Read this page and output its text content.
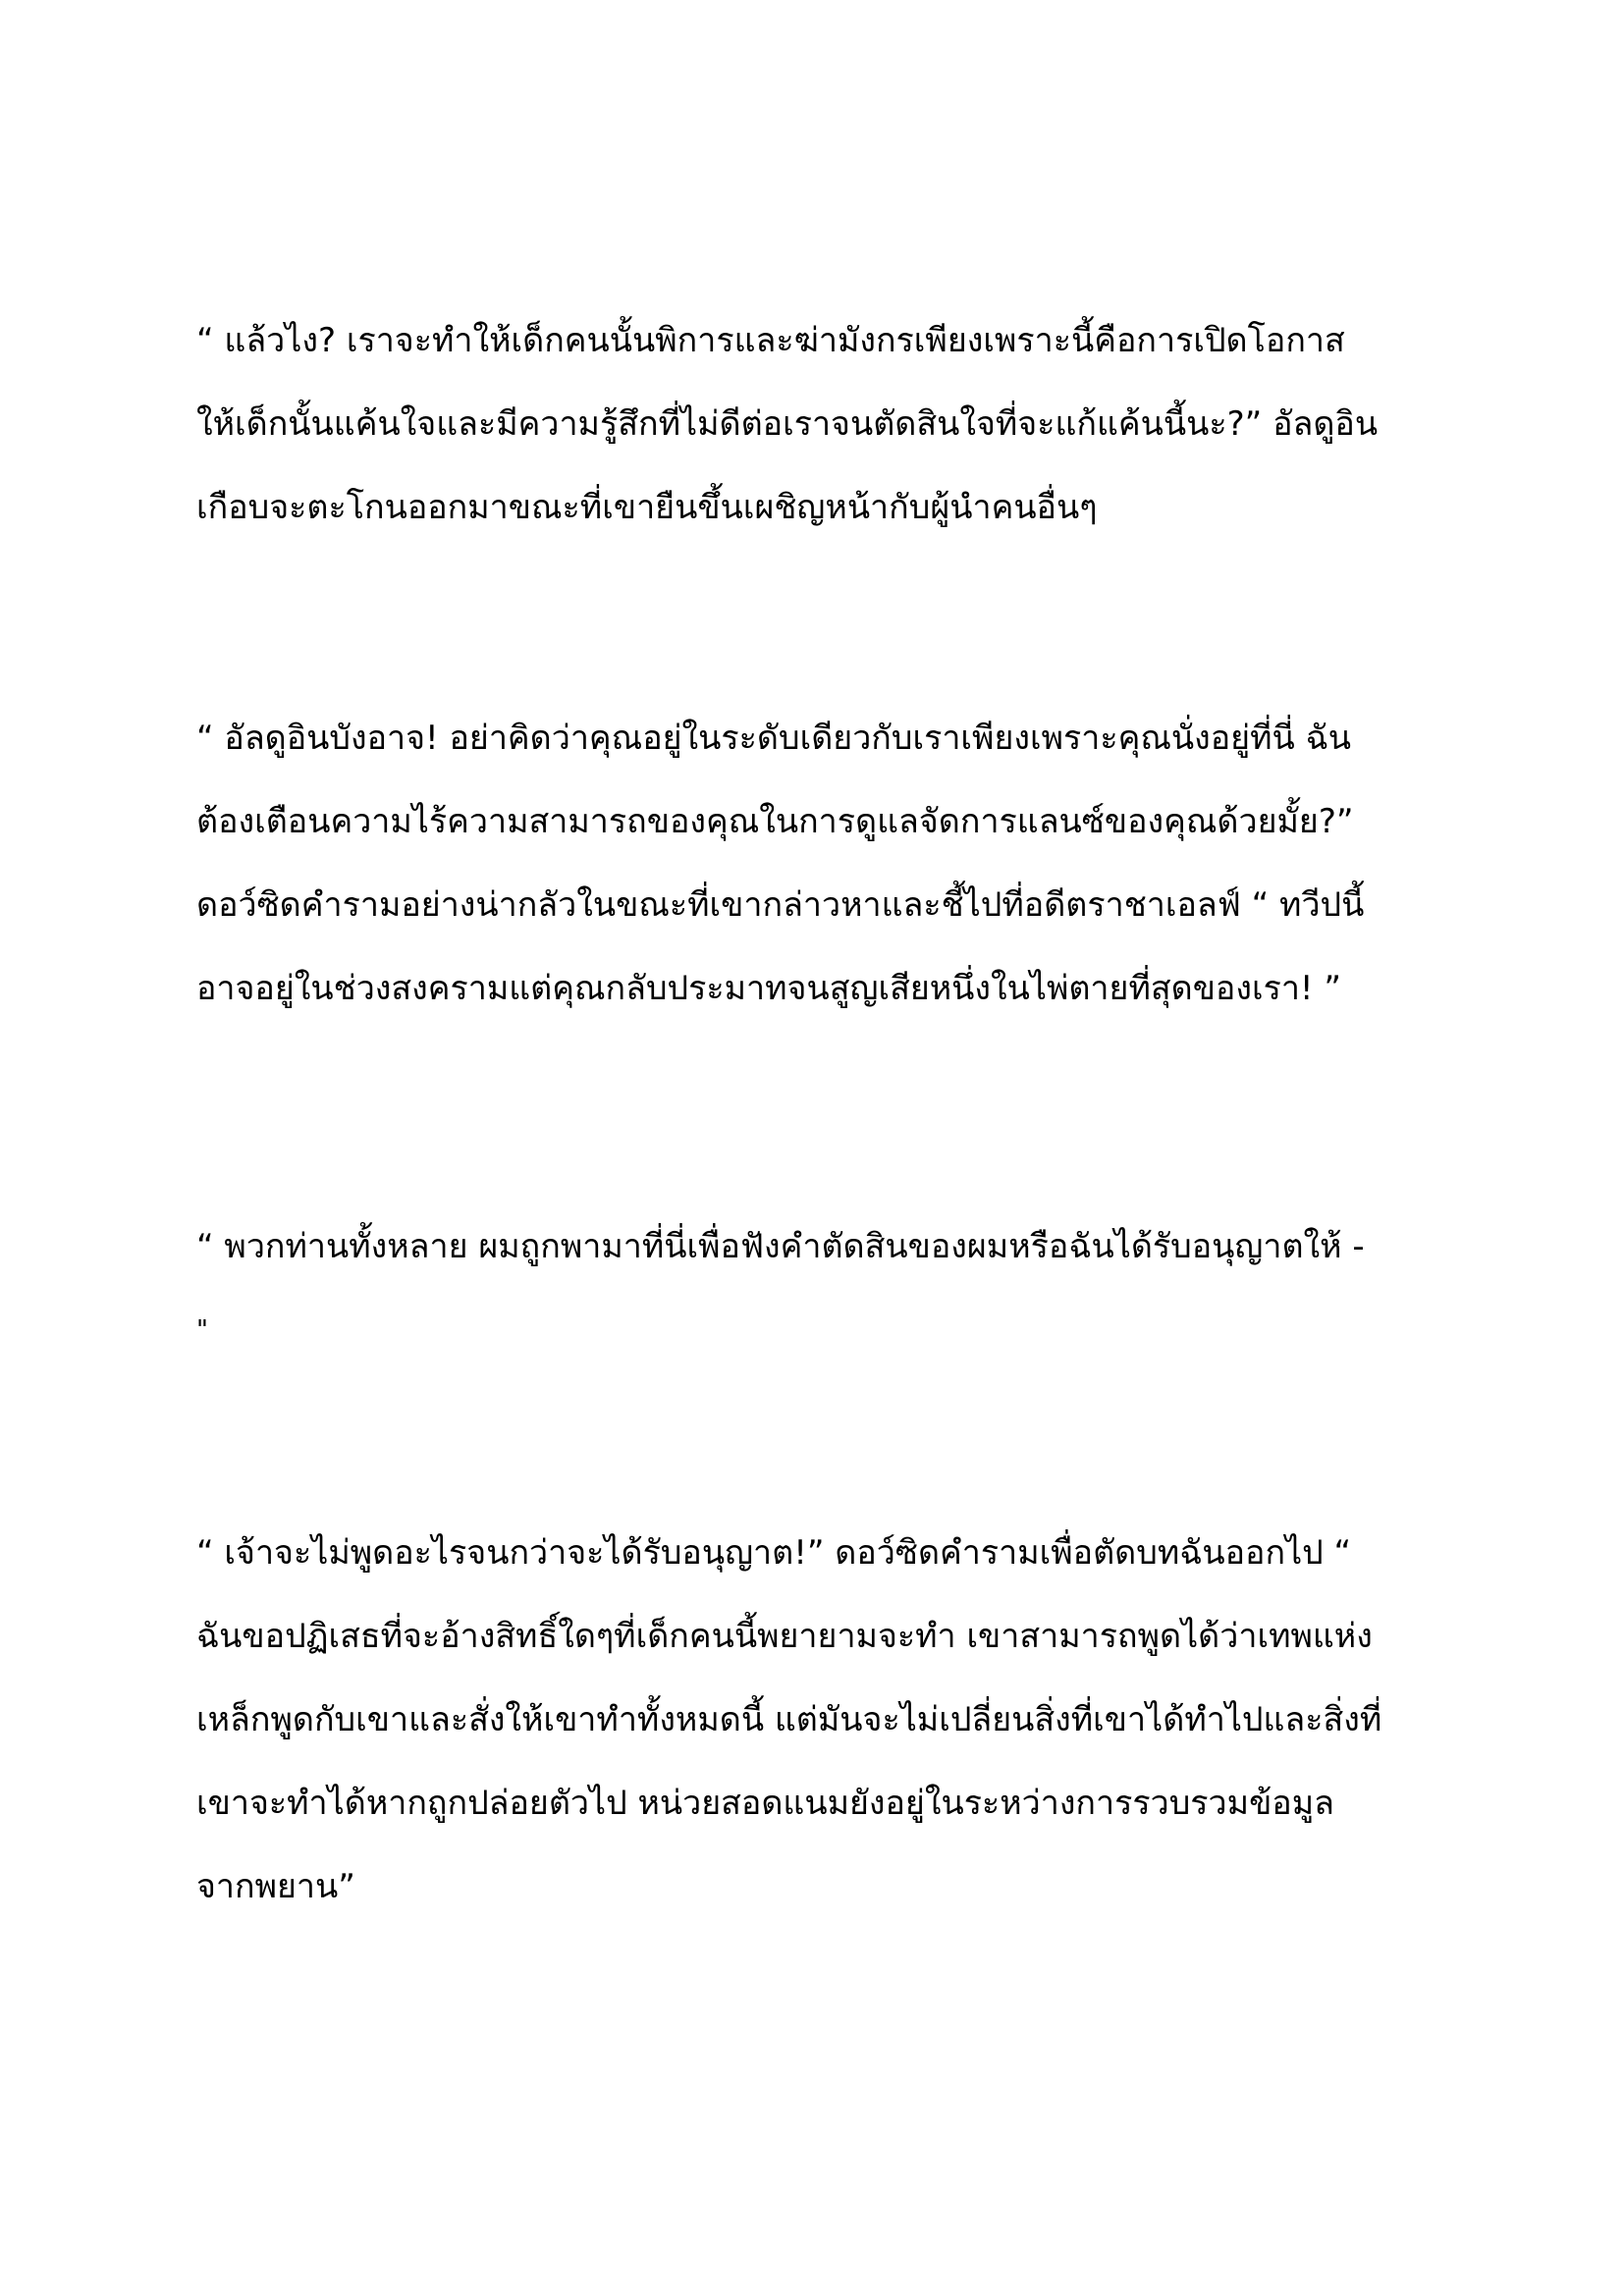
“ แล้วไง? เราจะทำให้เด็กคนนั้นพิการและฆ่ามังกรเพียงเพราะนี้คือการเปิดโอกาส
ให้เด็กนั้นแค้นใจและมีความรู้สึกที่ไม่ดีต่อเราจนตัดสินใจที่จะแก้แค้นนี้นะ?” อัลดูอิน
เกือบจะตะโกนออกมาขณะที่เขายืนขึ้นเผชิญหน้ากับผู้นำคนอื่นๆ
“ อัลดูอินบังอาจ! อย่าคิดว่าคุณอยู่ในระดับเดียวกับเราเพียงเพราะคุณนั่งอยู่ที่นี่ ฉัน
ต้องเตือนความไร้ความสามารถของคุณในการดูแลจัดการแลนซ์ของคุณด้วยมั้ย?”
ดอว์ซิดคำรามอย่างน่ากลัวในขณะที่เขากล่าวหาและชี้ไปที่อดีตราชาเอลฟ์ “ ทวีปนี้
อาจอยู่ในช่วงสงครามแต่คุณกลับประมาทจนสูญเสียหนึ่งในไพ่ตายที่สุดของเรา! ”
“ พวกท่านทั้งหลาย ผมถูกพามาที่นี่เพื่อฟังคำตัดสินของผมหรือฉันได้รับอนุญาตให้ -
"
“ เจ้าจะไม่พูดอะไรจนกว่าจะได้รับอนุญาต!” ดอว์ซิดคำรามเพื่อตัดบทฉันออกไป “
ฉันขอปฏิเสธที่จะอ้างสิทธิ์ใดๆที่เด็กคนนี้พยายามจะทำ เขาสามารถพูดได้ว่าเทพแห่ง
เหล็กพูดกับเขาและสั่งให้เขาทำทั้งหมดนี้ แต่มันจะไม่เปลี่ยนสิ่งที่เขาได้ทำไปและสิ่งที่
เขาจะทำได้หากถูกปล่อยตัวไป หน่วยสอดแนมยังอยู่ในระหว่างการรวบรวมข้อมูล
จากพยาน”
